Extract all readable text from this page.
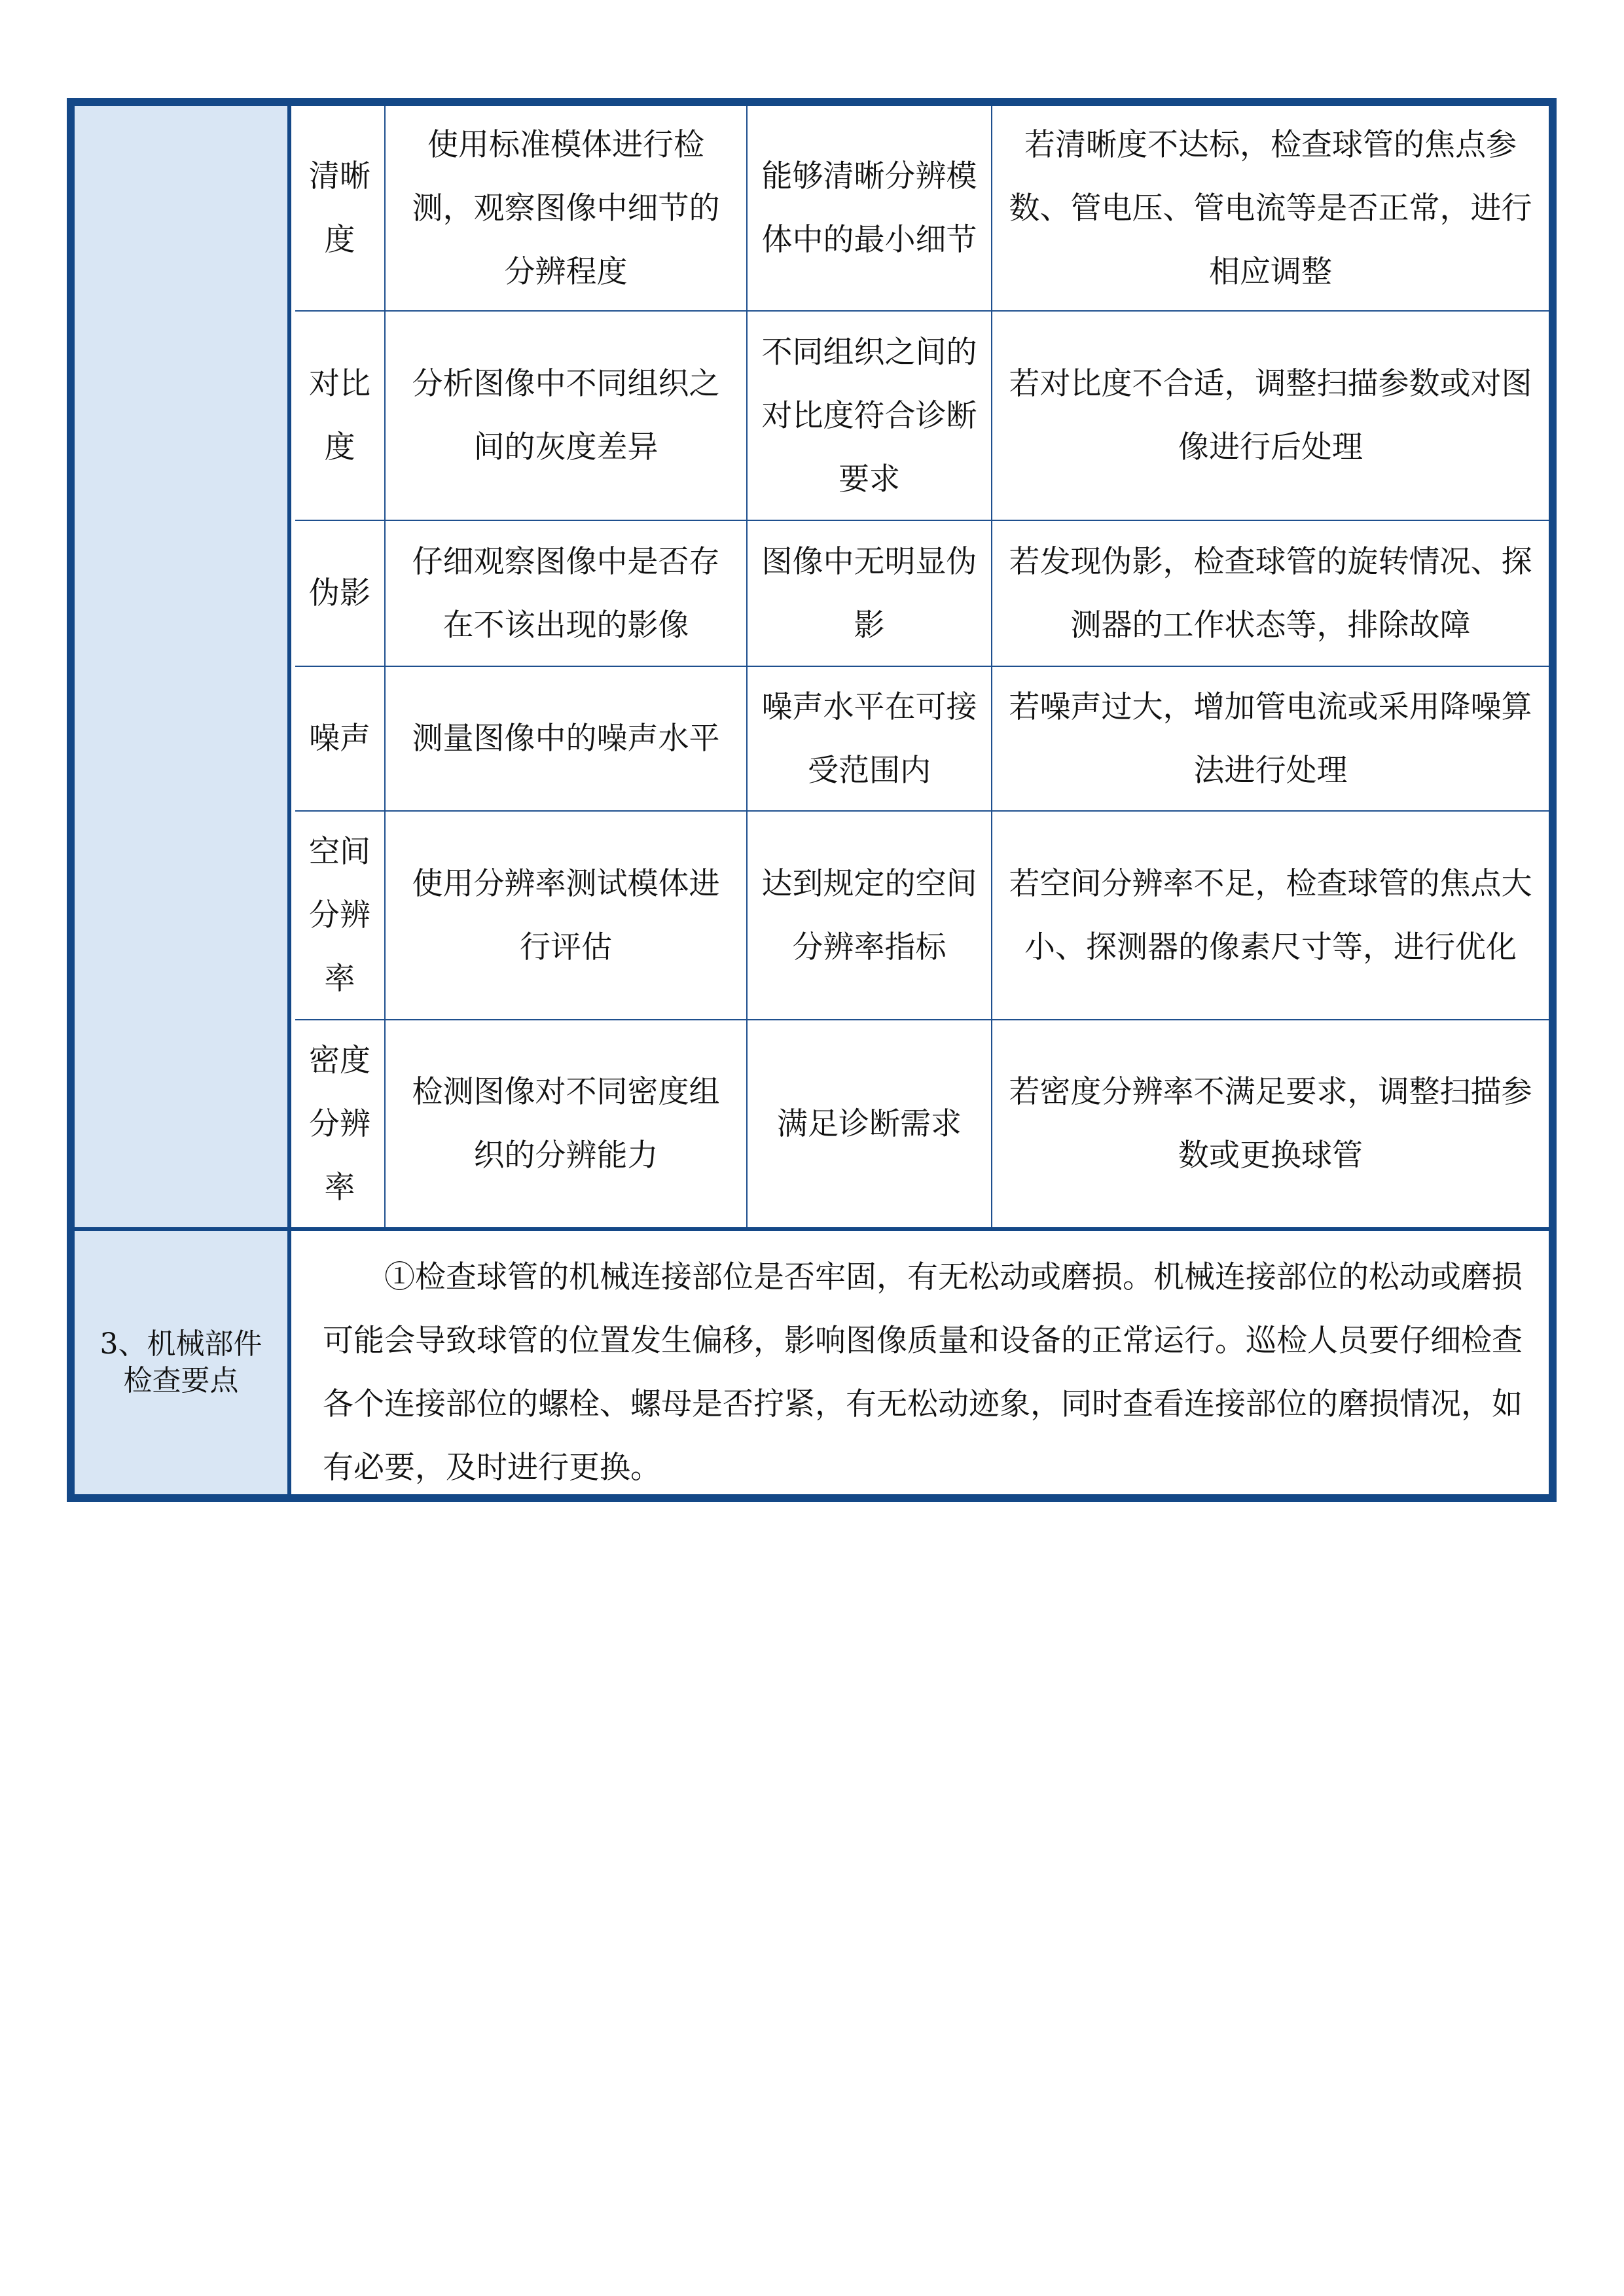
清晰度
使用标准模体进行检测，观察图像中细节的分辨程度
能够清晰分辨模体中的最小细节
若清晰度不达标，检查球管的焦点参数、管电压、管电流等是否正常，进行相应调整
对比度
分析图像中不同组织之间的灰度差异
不同组织之间的对比度符合诊断要求
若对比度不合适，调整扫描参数或对图像进行后处理
伪影
仔细观察图像中是否存在不该出现的影像
图像中无明显伪影
若发现伪影，检查球管的旋转情况、探测器的工作状态等，排除故障
噪声	测量图像中的噪声水平
噪声水平在可接受范围内
若噪声过大，增加管电流或采用降噪算法进行处理
空间分辨率
使用分辨率测试模体进行评估
达到规定的空间分辨率指标
若空间分辨率不足，检查球管的焦点大小、探测器的像素尺寸等，进行优化
密度分辨率
检测图像对不同密度组织的分辨能力
满足诊断需求
若密度分辨率不满足要求，调整扫描参数或更换球管
3、机械部件检查要点

①检查球管的机械连接部位是否牢固，有无松动或磨损。机械连接部位的松动或磨损可能会导致球管的位置发生偏移，影响图像质量和设备的正常运行。巡检人员要仔细检查各个连接部位的螺栓、螺母是否拧紧，有无松动迹象，同时查看连接部位的磨损情况，如有必要，及时进行更换。
